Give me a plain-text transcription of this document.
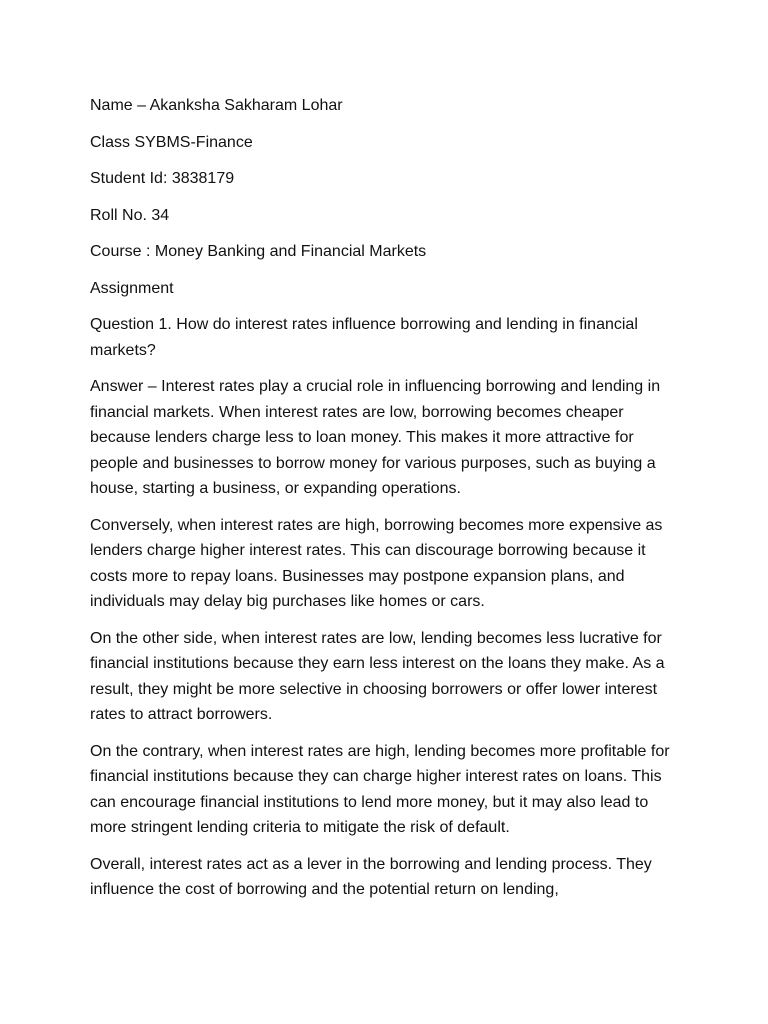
Name – Akanksha Sakharam Lohar

Class SYBMS-Finance

Student Id: 3838179

Roll No. 34

Course : Money Banking and Financial Markets

Assignment

Question 1. How do interest rates influence borrowing and lending in financial markets?

Answer – Interest rates play a crucial role in influencing borrowing and lending in financial markets. When interest rates are low, borrowing becomes cheaper because lenders charge less to loan money. This makes it more attractive for people and businesses to borrow money for various purposes, such as buying a house, starting a business, or expanding operations.

Conversely, when interest rates are high, borrowing becomes more expensive as lenders charge higher interest rates. This can discourage borrowing because it costs more to repay loans. Businesses may postpone expansion plans, and individuals may delay big purchases like homes or cars.

On the other side, when interest rates are low, lending becomes less lucrative for financial institutions because they earn less interest on the loans they make. As a result, they might be more selective in choosing borrowers or offer lower interest rates to attract borrowers.

On the contrary, when interest rates are high, lending becomes more profitable for financial institutions because they can charge higher interest rates on loans. This can encourage financial institutions to lend more money, but it may also lead to more stringent lending criteria to mitigate the risk of default.

Overall, interest rates act as a lever in the borrowing and lending process. They influence the cost of borrowing and the potential return on lending,
